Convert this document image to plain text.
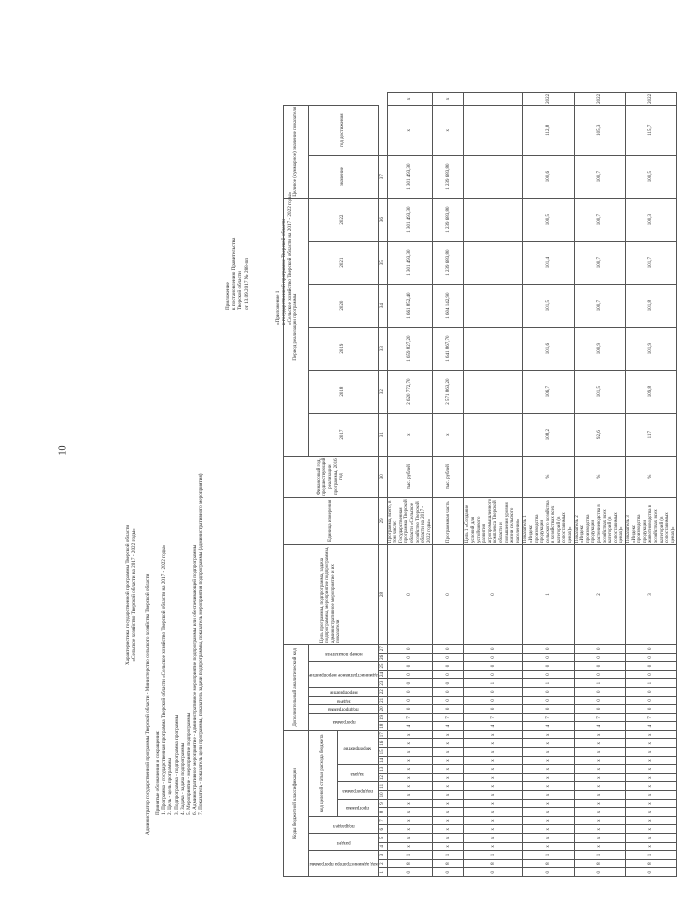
10
Приложение к постановлению Правительства Тверской области от 13.09.2017 № 288-пп	«Приложение 1 к государственной программе Тверской области «Сельское хозяйство Тверской области на 2017 - 2022 годы»
Характеристика государственной программы Тверской области «Сельское хозяйство Тверской области на 2017 - 2022 годы» Администратор государственной программы Тверской области - Министерство сельского хозяйства Тверской области Принятые обозначения и сокращения: 1. Программа - государственная программа Тверской области «Сельское хозяйство Тверской области на 2017 - 2022 годы» 2. Цель - цель программы 3. Подпрограмма - подпрограмма программы 4. Задача - задача подпрограммы 5. Мероприятие - мероприятие подпрограммы 6. Административное мероприятие - административное мероприятие подпрограммы или обеспечивающей подпрограммы 7. Показатель - показатель цели программы, показатель задачи подпрограммы, показатель мероприятия подпрограммы (административного мероприятия)	Коды бюджетной классификации																	Дополнительный аналитический код										Цель программы, подпрограмма, задача подпрограммы, мероприятие подпрограммы, административное мероприятие и их показатели	Единица измерения	Финансовый год, предшествующий реализации программы, 2016 год	Период реализации программы						Целевое (суммарное) значение показателя		
код администратора программы			раздел		подраздел		код целевой статьи расхода бюджета										программа		подпрограмма	задача	мероприятие	административное мероприятие			номер показателя					2017	2018	2019	2020	2021	2022	значение	год достижения	
							программа		подпрограмма		задача		мероприятие																									
1	2	3	4	5	6	7	8	9	10	11	12	13	14	15	16	17	18	19	20	21	22	23	24	25	26	27	28	29	30	31	32	33	34	35	36	37		
0	8	1	x	x	x	x	x	x	x	x	x	x	x	x	x	x	4	7	0	0	0	0	0	0	0	0	0	Программа, всего, в том числе: Государственная программа Тверской области «Сельское хозяйство Тверской области на 2017 - 2022 годы»	тыс. рублей	x	2 620 772,70	1 659 827,20	1 661 852,40	1 301 493,30	1 301 493,30	1 301 493,30	x	x
0	8	1	x	x	x	x	x	x	x	x	x	x	x	x	x	x	4	7	0	0	0	0	0	0	0	0	0	Программная часть	тыс. рублей	x	2 571 863,20	1 641 867,70	1 604 142,90	1 239 683,80	1 239 683,80	1 239 683,80	x	x
0	8	1	x	x	x	x	x	x	x	x	x	x	x	x	x	x	4	7	0	0	0	1	0	0	0	0	0	Цель 1 «Создание условий для устойчивого развития агропромышленного комплекса Тверской области и повышения уровня жизни сельского населения»										
0	8	1	x	x	x	x	x	x	x	x	x	x	x	x	x	x	4	7	0	0	0	1	0	0	0	0	1	Показатель 1 «Индекс производства продукции сельского хозяйства в хозяйствах всех категорий (в сопоставимых ценах)»	%	108,2	106,7	101,6	101,5	101,4	100,5	100,6	112,8	2022
0	8	1	x	x	x	x	x	x	x	x	x	x	x	x	x	x	4	7	0	0	0	1	0	0	0	0	2	Показатель 2 «Индекс производства продукции растениеводства в хозяйствах всех категорий (в сопоставимых ценах)»	%	92,6	101,5	100,9	100,7	100,7	100,7	100,7	105,3	2022
0	8	1	x	x	x	x	x	x	x	x	x	x	x	x	x	x	4	7	0	0	0	1	0	0	0	0	3	Показатель 3 «Индекс производства продукции животноводства в хозяйствах всех категорий (в сопоставимых ценах)»	%	117	109,8	101,9	101,8	101,7	100,3	100,5	115,7	2022
